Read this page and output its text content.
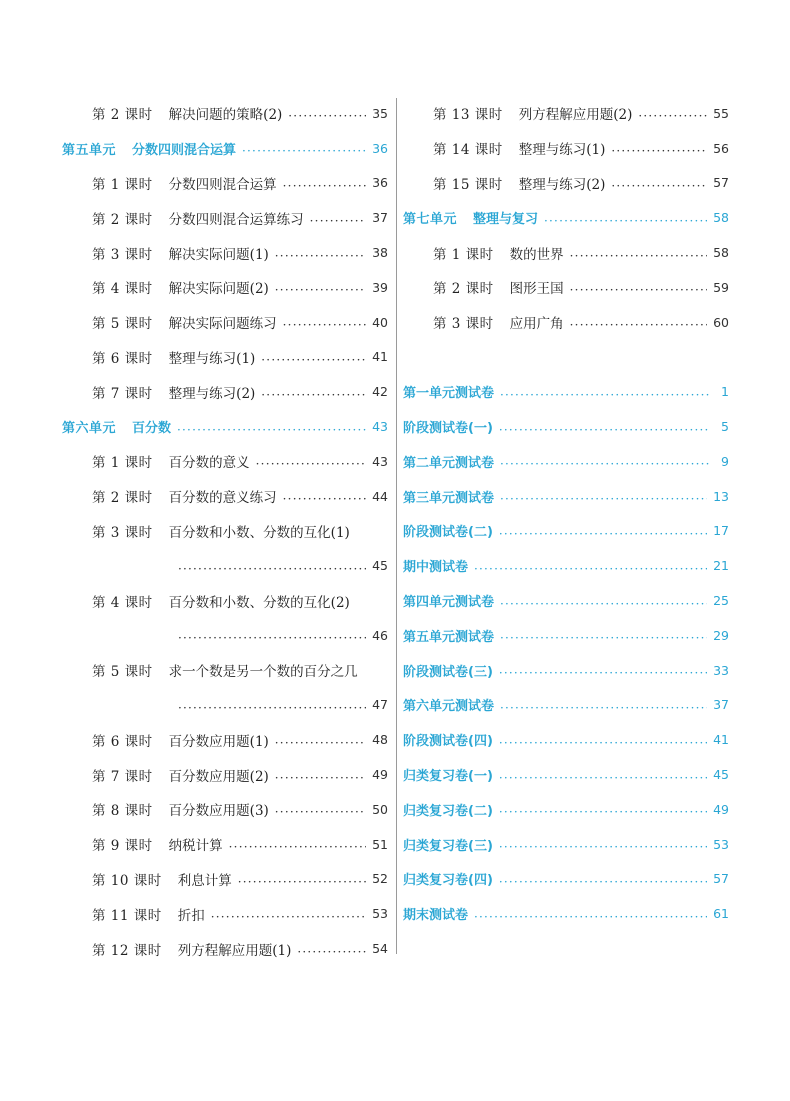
第 2 课时 解决问题的策略(2) ·····	35
第五单元 分数四则混合运算 ·····	36
第 1 课时 分数四则混合运算 ·····	36
第 2 课时 分数四则混合运算练习 ·····	37
第 3 课时 解决实际问题(1) ·····	38
第 4 课时 解决实际问题(2) ·····	39
第 5 课时 解决实际问题练习 ·····	40
第 6 课时 整理与练习(1) ·····	41
第 7 课时 整理与练习(2) ·····	42
第六单元 百分数 ·····	43
第 1 课时 百分数的意义 ·····	43
第 2 课时 百分数的意义练习 ·····	44
第 3 课时 百分数和小数、分数的互化(1)
·····
45
第 4 课时 百分数和小数、分数的互化(2)
·····
46
第 5 课时 求一个数是另一个数的百分之几
·····
47
第 6 课时 百分数应用题(1) ·····	48
第 7 课时 百分数应用题(2) ·····	49
第 8 课时 百分数应用题(3) ·····	50
第 9 课时 纳税计算 ·····	51
第 10 课时 利息计算 ·····	52
第 11 课时 折扣 ·····	53
第 12 课时 列方程解应用题(1) ·····	54
第 13 课时 列方程解应用题(2) ·····	55
第 14 课时 整理与练习(1) ·····	56
第 15 课时 整理与练习(2) ·····	57
第七单元 整理与复习 ·····	58
第 1 课时 数的世界 ·····	58
第 2 课时 图形王国 ·····	59
第 3 课时 应用广角 ·····	60
第一单元测试卷 ·····	1
阶段测试卷(一) ·····	5
第二单元测试卷 ·····	9
第三单元测试卷 ·····	13
阶段测试卷(二) ·····	17
期中测试卷 ·····	21
第四单元测试卷 ·····	25
第五单元测试卷 ·····	29
阶段测试卷(三) ·····	33
第六单元测试卷 ·····	37
阶段测试卷(四) ·····	41
归类复习卷(一) ·····	45
归类复习卷(二) ·····	49
归类复习卷(三) ·····	53
归类复习卷(四) ·····	57
期末测试卷 ·····	61
